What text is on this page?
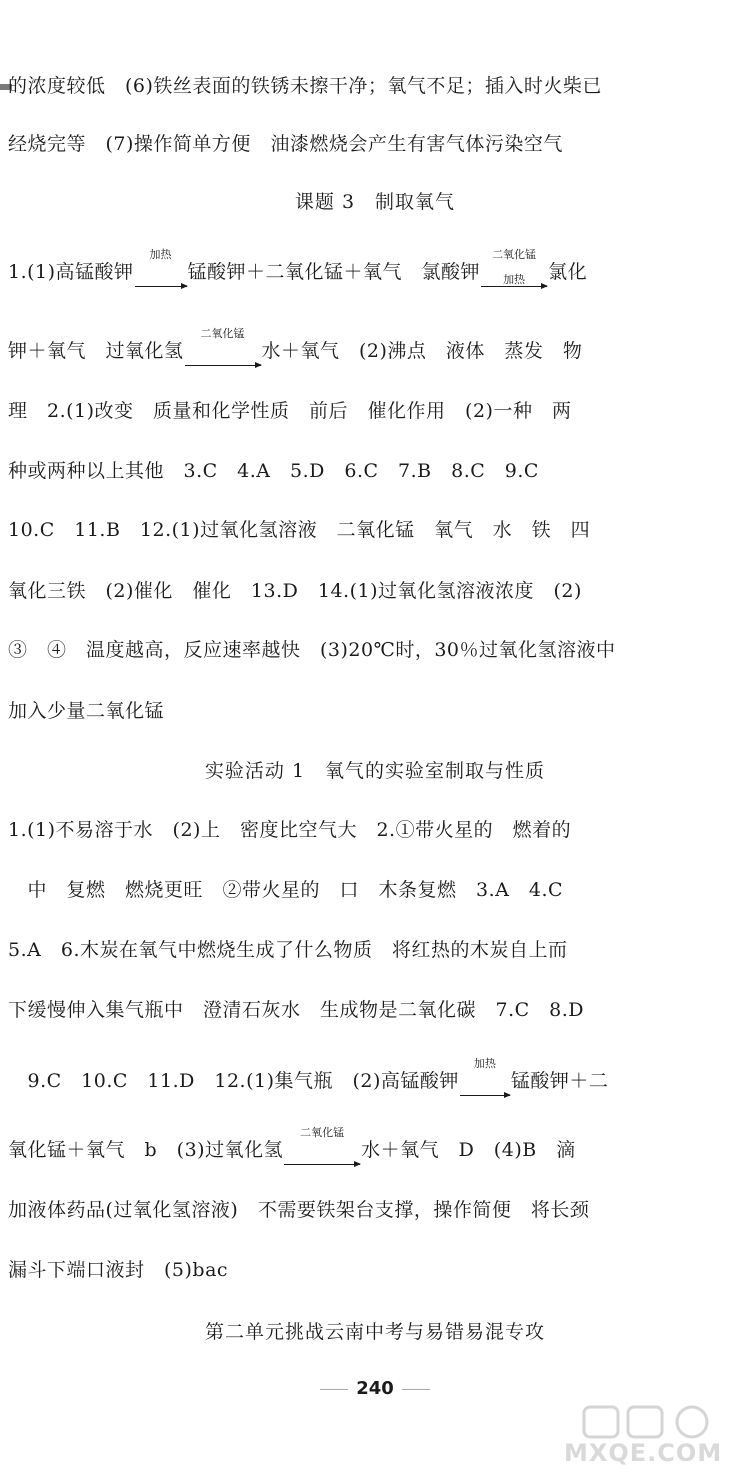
的浓度较低　(6)铁丝表面的铁锈未擦干净；氧气不足；插入时火柴已
经烧完等　(7)操作简单方便　油漆燃烧会产生有害气体污染空气
课题 3　制取氧气
1.(1)高锰酸钾
加热
锰酸钾＋二氧化锰＋氧气　氯酸钾
二氧化锰
加热	氯化
钾＋氧气　过氧化氢
二氧化锰
水＋氧气　(2)沸点　液体　蒸发　物
理　2.(1)改变　质量和化学性质　前后　催化作用　(2)一种　两
种或两种以上其他　3.C　4.A　5.D　6.C　7.B　8.C　9.C
10.C　11.B　12.(1)过氧化氢溶液　二氧化锰　氧气　水　铁　四
氧化三铁　(2)催化　催化　13.D　14.(1)过氧化氢溶液浓度　(2)
③　④　温度越高，反应速率越快　(3)20℃时，30％过氧化氢溶液中
加入少量二氧化锰
实验活动 1　氧气的实验室制取与性质
1.(1)不易溶于水　(2)上　密度比空气大　2.①带火星的　燃着的
　中　复燃　燃烧更旺　②带火星的　口　木条复燃　3.A　4.C
5.A　6.木炭在氧气中燃烧生成了什么物质　将红热的木炭自上而
下缓慢伸入集气瓶中　澄清石灰水　生成物是二氧化碳　7.C　8.D
　9.C　10.C　11.D　12.(1)集气瓶　(2)高锰酸钾
加热
锰酸钾＋二
氧化锰＋氧气　b　(3)过氧化氢
二氧化锰
水＋氧气　D　(4)B　滴
加液体药品(过氧化氢溶液)　不需要铁架台支撑，操作简便　将长颈
漏斗下端口液封　(5)bac
第二单元挑战云南中考与易错易混专攻
240
MXQE.COM
